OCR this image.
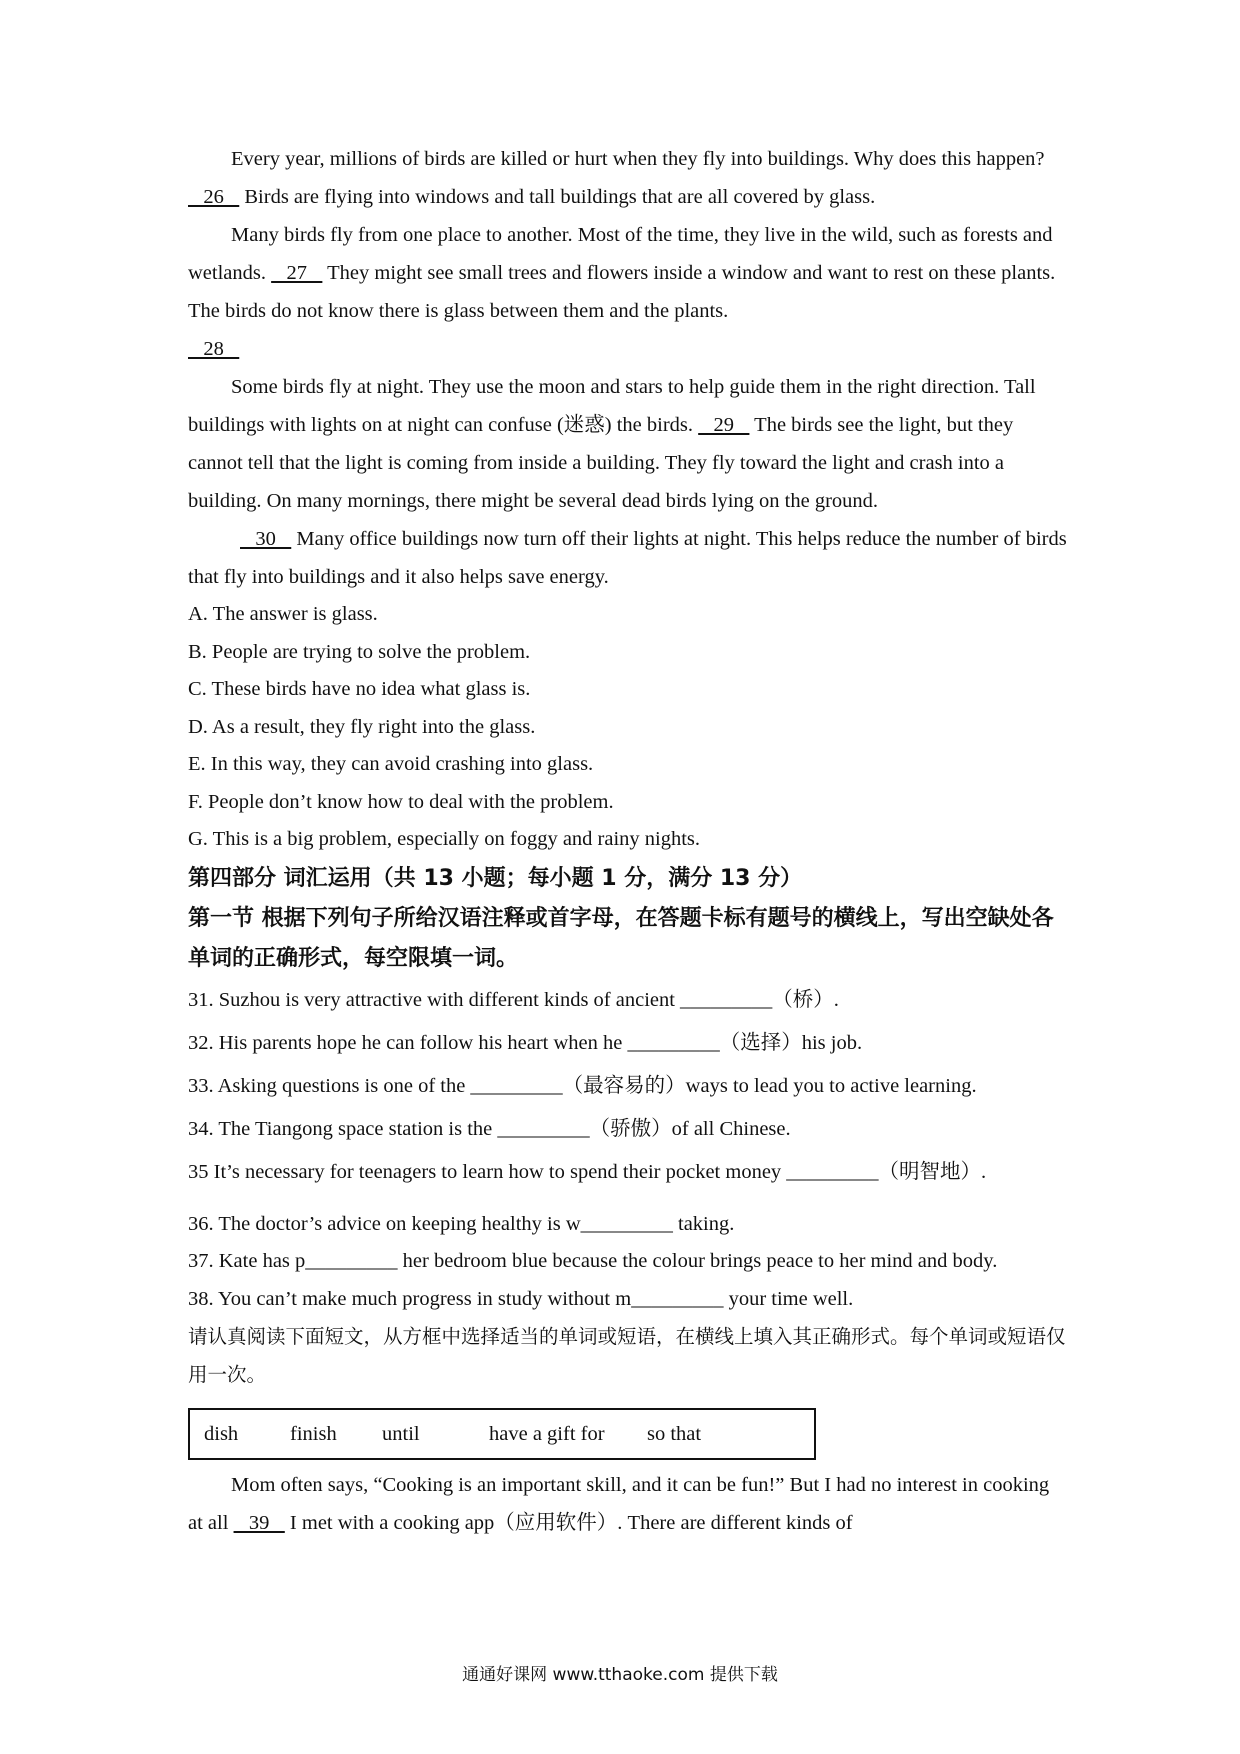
Every year, millions of birds are killed or hurt when they fly into buildings. Why does this happen?    26    Birds are flying into windows and tall buildings that are all covered by glass.

Many birds fly from one place to another. Most of the time, they live in the wild, such as forests and wetlands.    27    They might see small trees and flowers inside a window and want to rest on these plants. The birds do not know there is glass between them and the plants.

28

Some birds fly at night. They use the moon and stars to help guide them in the right direction. Tall buildings with lights on at night can confuse (迷惑) the birds.    29    The birds see the light, but they cannot tell that the light is coming from inside a building. They fly toward the light and crash into a building. On many mornings, there might be several dead birds lying on the ground.

30    Many office buildings now turn off their lights at night. This helps reduce the number of birds that fly into buildings and it also helps save energy.

A. The answer is glass.

B. People are trying to solve the problem.

C. These birds have no idea what glass is.

D. As a result, they fly right into the glass.

E. In this way, they can avoid crashing into glass.

F. People don’t know how to deal with the problem.

G. This is a big problem, especially on foggy and rainy nights.

第四部分 词汇运用（共 13 小题；每小题 1 分，满分 13 分）

第一节 根据下列句子所给汉语注释或首字母，在答题卡标有题号的横线上，写出空缺处各单词的正确形式，每空限填一词。

31. Suzhou is very attractive with different kinds of ancient _________（桥）.

32. His parents hope he can follow his heart when he _________（选择）his job.

33. Asking questions is one of the _________（最容易的）ways to lead you to active learning.

34. The Tiangong space station is the _________（骄傲）of all Chinese.

35 It’s necessary for teenagers to learn how to spend their pocket money _________（明智地）.

36. The doctor’s advice on keeping healthy is w_________ taking.

37. Kate has p_________ her bedroom blue because the colour brings peace to her mind and body.

38. You can’t make much progress in study without m_________ your time well.

请认真阅读下面短文，从方框中选择适当的单词或短语，在横线上填入其正确形式。每个单词或短语仅用一次。

dish	finish	until	have a gift for	so that

Mom often says, “Cooking is an important skill, and it can be fun!” But I had no interest in cooking at all    39    I met with a cooking app（应用软件）. There are different kinds of

通通好课网 www.tthaoke.com 提供下载
